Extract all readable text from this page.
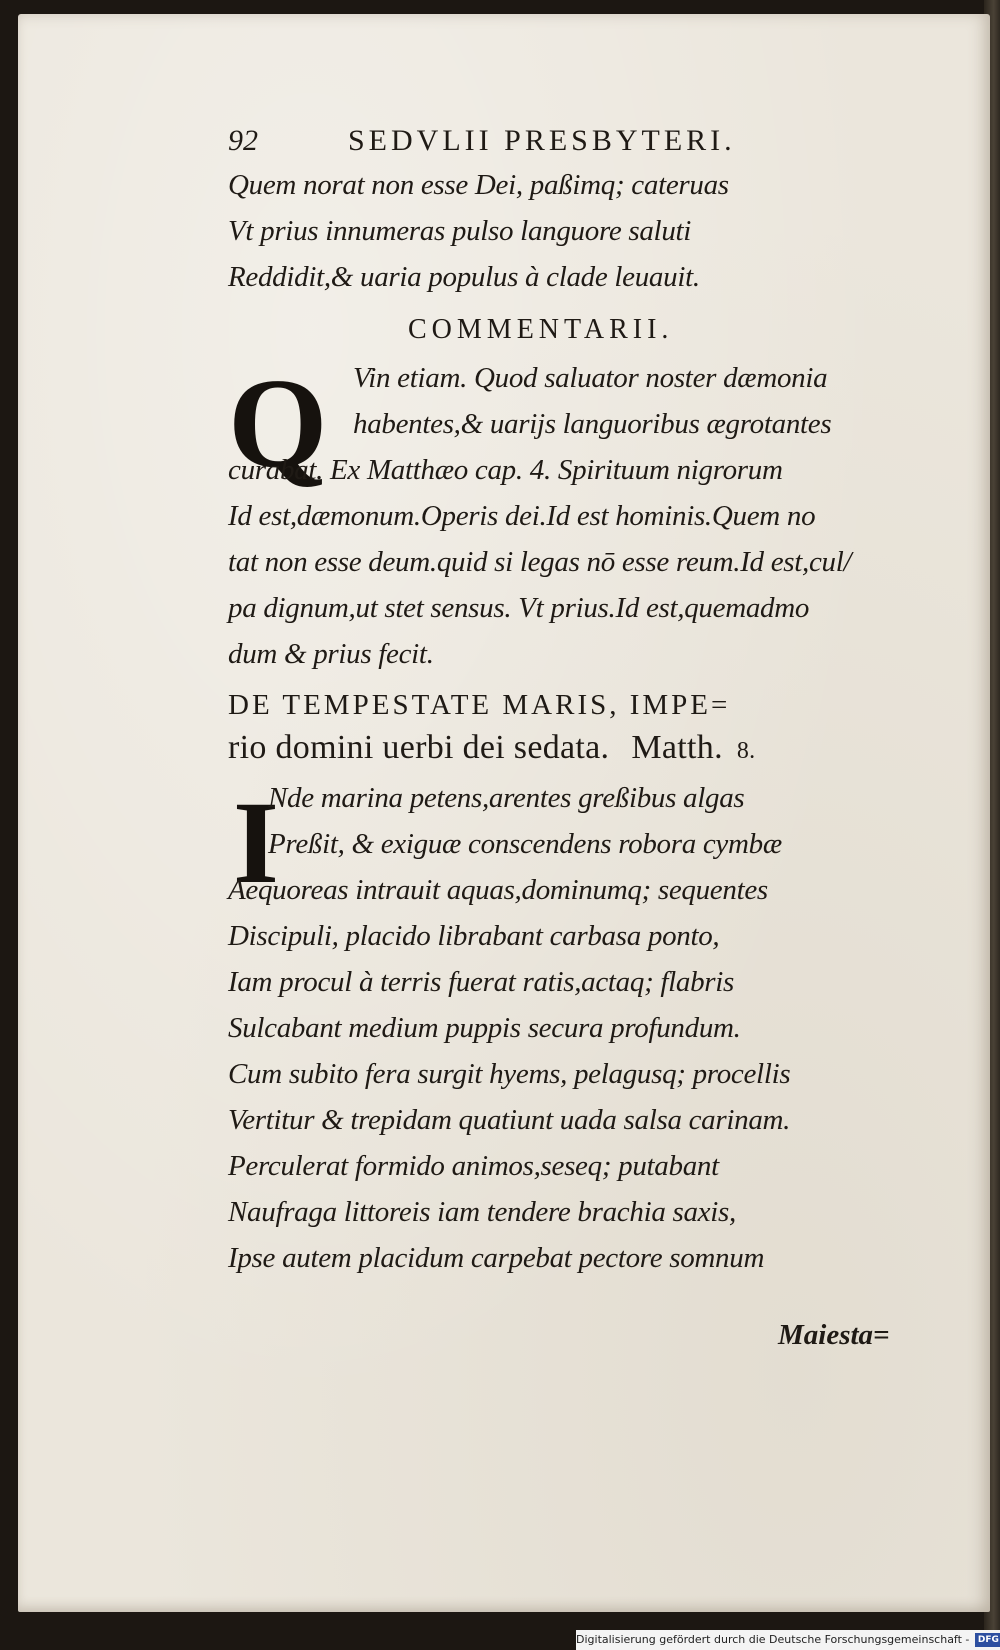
92	SEDVLII PRESBYTERI.
Quem norat non esse Dei, paßimq; cateruas
Vt prius innumeras pulso languore saluti
Reddidit,& uaria populus à clade leuauit.
COMMENTARII.
Q Vin etiam. Quod saluator noster dæmonia
habentes,& uarijs languoribus ægrotantes
curabat. Ex Matthæo cap. 4. Spirituum nigrorum
Id est,dæmonum.Operis dei.Id est hominis.Quem no
tat non esse deum.quid si legas nō esse reum.Id est,cul/
pa dignum,ut stet sensus. Vt prius.Id est,quemadmo
dum & prius fecit.
DE TEMPESTATE MARIS, IMPE=
rio domini uerbi dei sedata. Matth. 8.
I
Nde marina petens,arentes greßibus algas
Preßit, & exiguæ conscendens robora cymbæ
Aequoreas intrauit aquas,dominumq; sequentes
Discipuli, placido librabant carbasa ponto,
Iam procul à terris fuerat ratis,actaq; flabris
Sulcabant medium puppis secura profundum.
Cum subito fera surgit hyems, pelagusq; procellis
Vertitur & trepidam quatiunt uada salsa carinam.
Perculerat formido animos,seseq; putabant
Naufraga littoreis iam tendere brachia saxis,
Ipse autem placidum carpebat pectore somnum
Maiesta=
Digitalisierung gefördert durch die Deutsche Forschungsgemeinschaft - DFG
